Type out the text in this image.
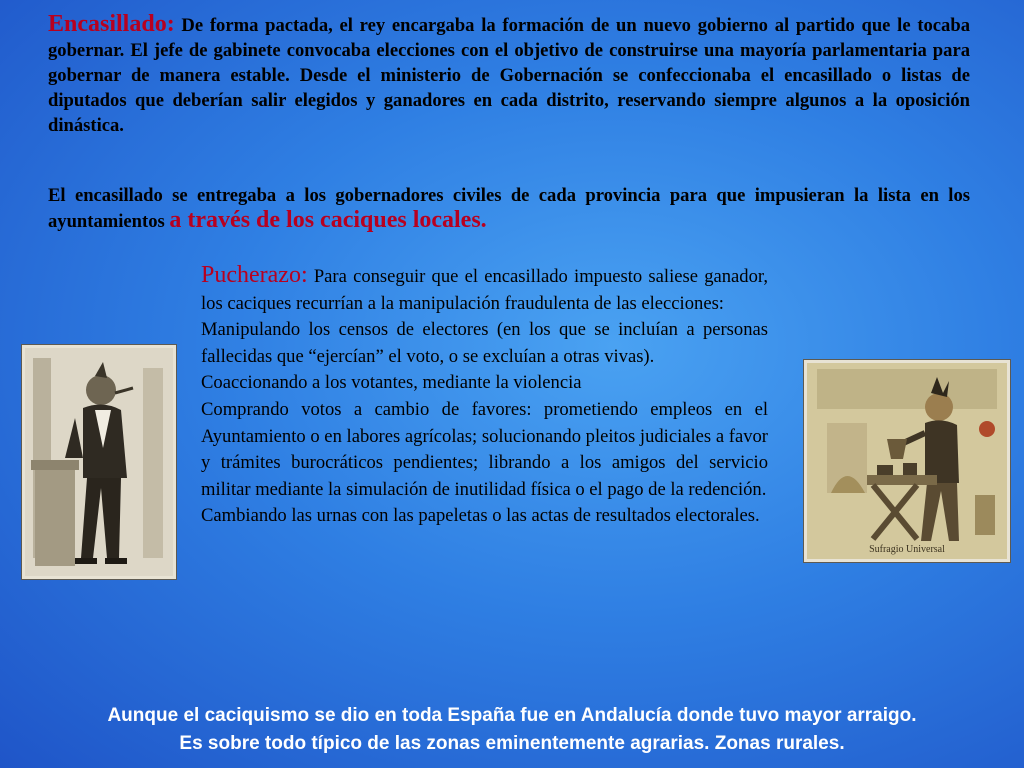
Encasillado: De forma pactada, el rey encargaba la formación de un nuevo gobierno al partido que le tocaba gobernar. El jefe de gabinete convocaba elecciones con el objetivo de construirse una mayoría parlamentaria para gobernar de manera estable. Desde el ministerio de Gobernación se confeccionaba el encasillado o listas de diputados que deberían salir elegidos y ganadores en cada distrito, reservando siempre algunos a la oposición dinástica.

El encasillado se entregaba a los gobernadores civiles de cada provincia para que impusieran la lista en los ayuntamientos a través de los caciques locales.

Pucherazo: Para conseguir que el encasillado impuesto saliese ganador, los caciques recurrían a la manipulación fraudulenta de las elecciones:

Manipulando los censos de electores (en los que se incluían a personas fallecidas que “ejercían” el voto, o se excluían a otras vivas).

Coaccionando a los votantes, mediante la violencia

Comprando votos a cambio de favores: prometiendo empleos en el Ayuntamiento o en labores agrícolas; solucionando pleitos judiciales a favor y trámites burocráticos pendientes; librando a los amigos del servicio militar mediante la simulación de inutilidad física o el pago de la redención.

Cambiando las urnas con las papeletas o las actas de resultados electorales.

Sufragio Universal
Aunque el caciquismo se dio en toda España fue en Andalucía donde tuvo mayor arraigo.
Es sobre todo típico de las zonas eminentemente agrarias. Zonas rurales.
